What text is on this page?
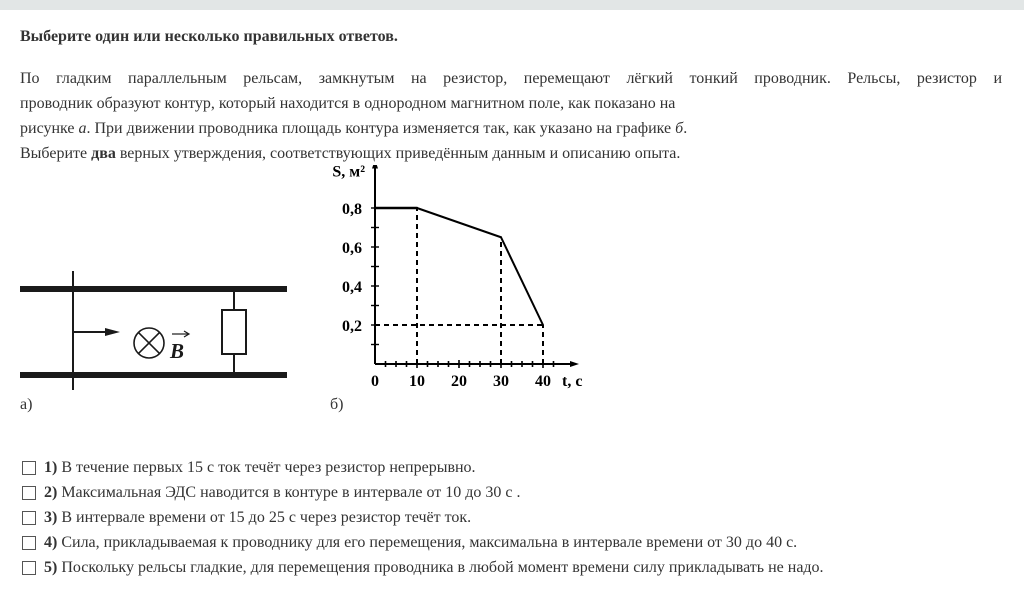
Выберите один или несколько правильных ответов.
По гладким параллельным рельсам, замкнутым на резистор, перемещают лёгкий тонкий проводник. Рельсы, резистор и
проводник образуют контур, который находится в однородном магнитном поле, как показано на
рисунке а. При движении проводника площадь контура изменяется так, как указано на графике б.
Выберите два верных утверждения, соответствующих приведённым данным и описанию опыта.
B
а)
0 10 20 30 40
0,2
0,4
0,6
0,8
t, с
S, м²
б)
1) В течение первых 15 с ток течёт через резистор непрерывно.
2) Максимальная ЭДС наводится в контуре в интервале от 10 до 30 с .
3) В интервале времени от 15 до 25 с через резистор течёт ток.
4) Сила, прикладываемая к проводнику для его перемещения, максимальна в интервале времени от 30 до 40 с.
5) Поскольку рельсы гладкие, для перемещения проводника в любой момент времени силу прикладывать не надо.
